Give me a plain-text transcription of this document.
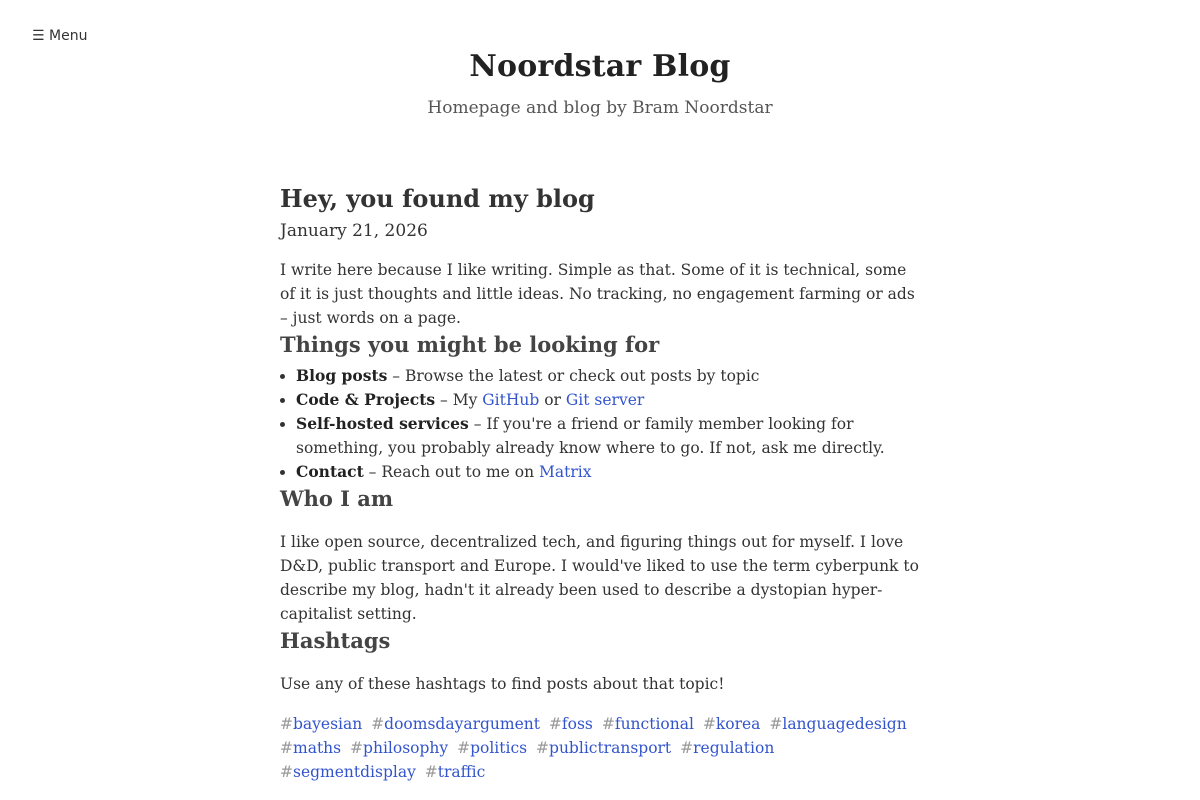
☰ Menu
Noordstar Blog
Homepage and blog by Bram Noordstar
Hey, you found my blog
January 21, 2026

I write here because I like writing. Simple as that. Some of it is technical, some of it is just thoughts and little ideas. No tracking, no engagement farming or ads – just words on a page.

Things you might be looking for
• Blog posts – Browse the latest or check out posts by topic
• Code & Projects – My GitHub or Git server
• Self-hosted services – If you're a friend or family member looking for something, you probably already know where to go. If not, ask me directly.
• Contact – Reach out to me on Matrix
Who I am

I like open source, decentralized tech, and figuring things out for myself. I love D&D, public transport and Europe. I would've liked to use the term cyberpunk to describe my blog, hadn't it already been used to describe a dystopian hyper-capitalist setting.

Hashtags

Use any of these hashtags to find posts about that topic!

#bayesian #doomsdayargument #foss #functional #korea #languagedesign #maths #philosophy #politics #publictransport #regulation #segmentdisplay #traffic
